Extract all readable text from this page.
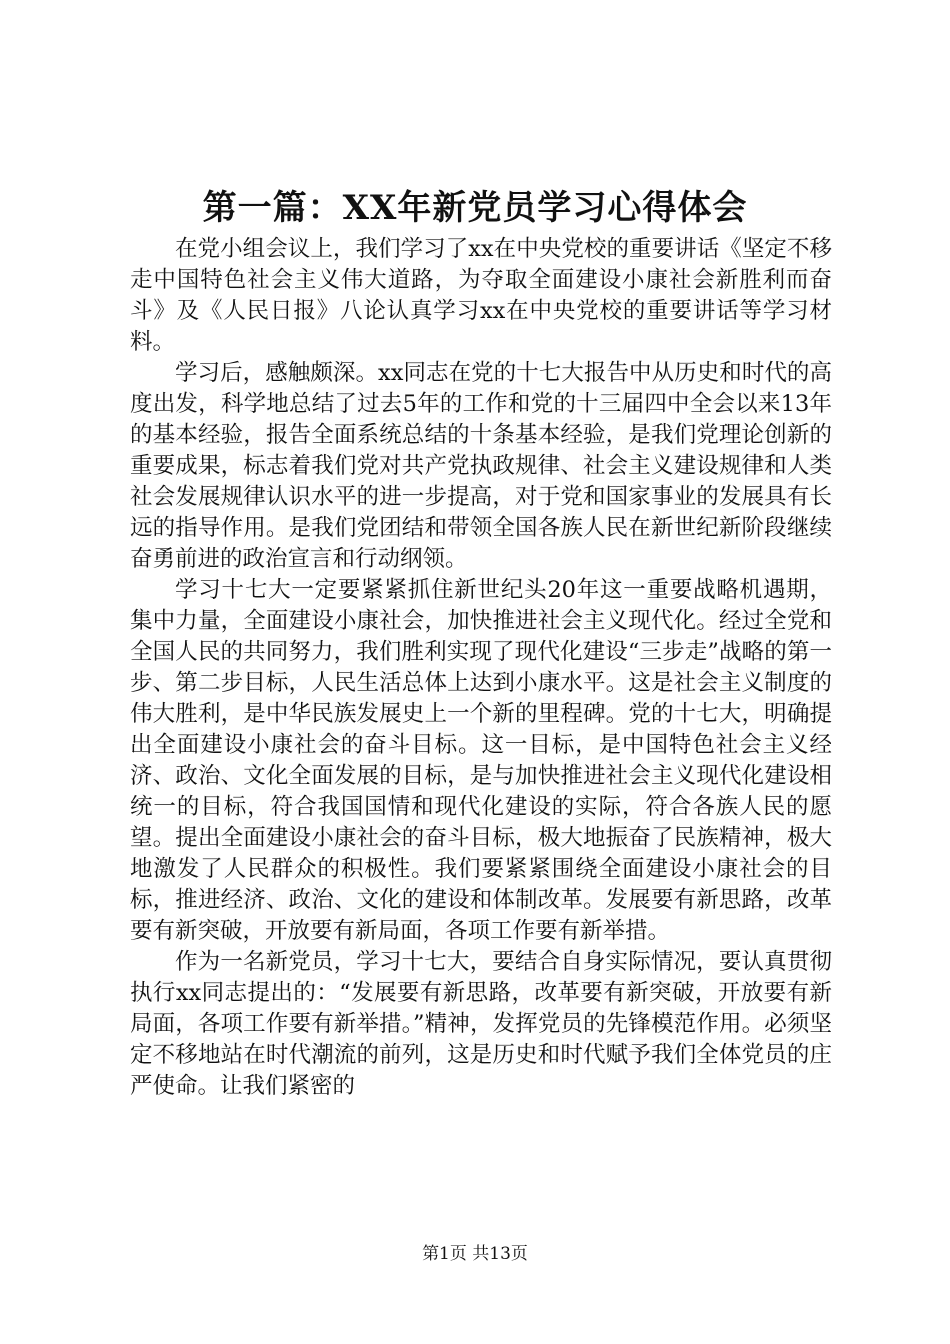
第一篇：XX年新党员学习心得体会

在党小组会议上，我们学习了xx在中央党校的重要讲话《坚定不移走中国特色社会主义伟大道路，为夺取全面建设小康社会新胜利而奋斗》及《人民日报》八论认真学习xx在中央党校的重要讲话等学习材料。

学习后，感触颇深。xx同志在党的十七大报告中从历史和时代的高度出发，科学地总结了过去5年的工作和党的十三届四中全会以来13年的基本经验，报告全面系统总结的十条基本经验，是我们党理论创新的重要成果，标志着我们党对共产党执政规律、社会主义建设规律和人类社会发展规律认识水平的进一步提高，对于党和国家事业的发展具有长远的指导作用。是我们党团结和带领全国各族人民在新世纪新阶段继续奋勇前进的政治宣言和行动纲领。

学习十七大一定要紧紧抓住新世纪头20年这一重要战略机遇期，集中力量，全面建设小康社会，加快推进社会主义现代化。经过全党和全国人民的共同努力，我们胜利实现了现代化建设“三步走”战略的第一步、第二步目标，人民生活总体上达到小康水平。这是社会主义制度的伟大胜利，是中华民族发展史上一个新的里程碑。党的十七大，明确提出全面建设小康社会的奋斗目标。这一目标，是中国特色社会主义经济、政治、文化全面发展的目标，是与加快推进社会主义现代化建设相统一的目标，符合我国国情和现代化建设的实际，符合各族人民的愿望。提出全面建设小康社会的奋斗目标，极大地振奋了民族精神，极大地激发了人民群众的积极性。我们要紧紧围绕全面建设小康社会的目标，推进经济、政治、文化的建设和体制改革。发展要有新思路，改革要有新突破，开放要有新局面，各项工作要有新举措。

作为一名新党员，学习十七大，要结合自身实际情况，要认真贯彻执行xx同志提出的：“发展要有新思路，改革要有新突破，开放要有新局面，各项工作要有新举措。”精神，发挥党员的先锋模范作用。必须坚定不移地站在时代潮流的前列，这是历史和时代赋予我们全体党员的庄严使命。让我们紧密的

第1页 共13页
